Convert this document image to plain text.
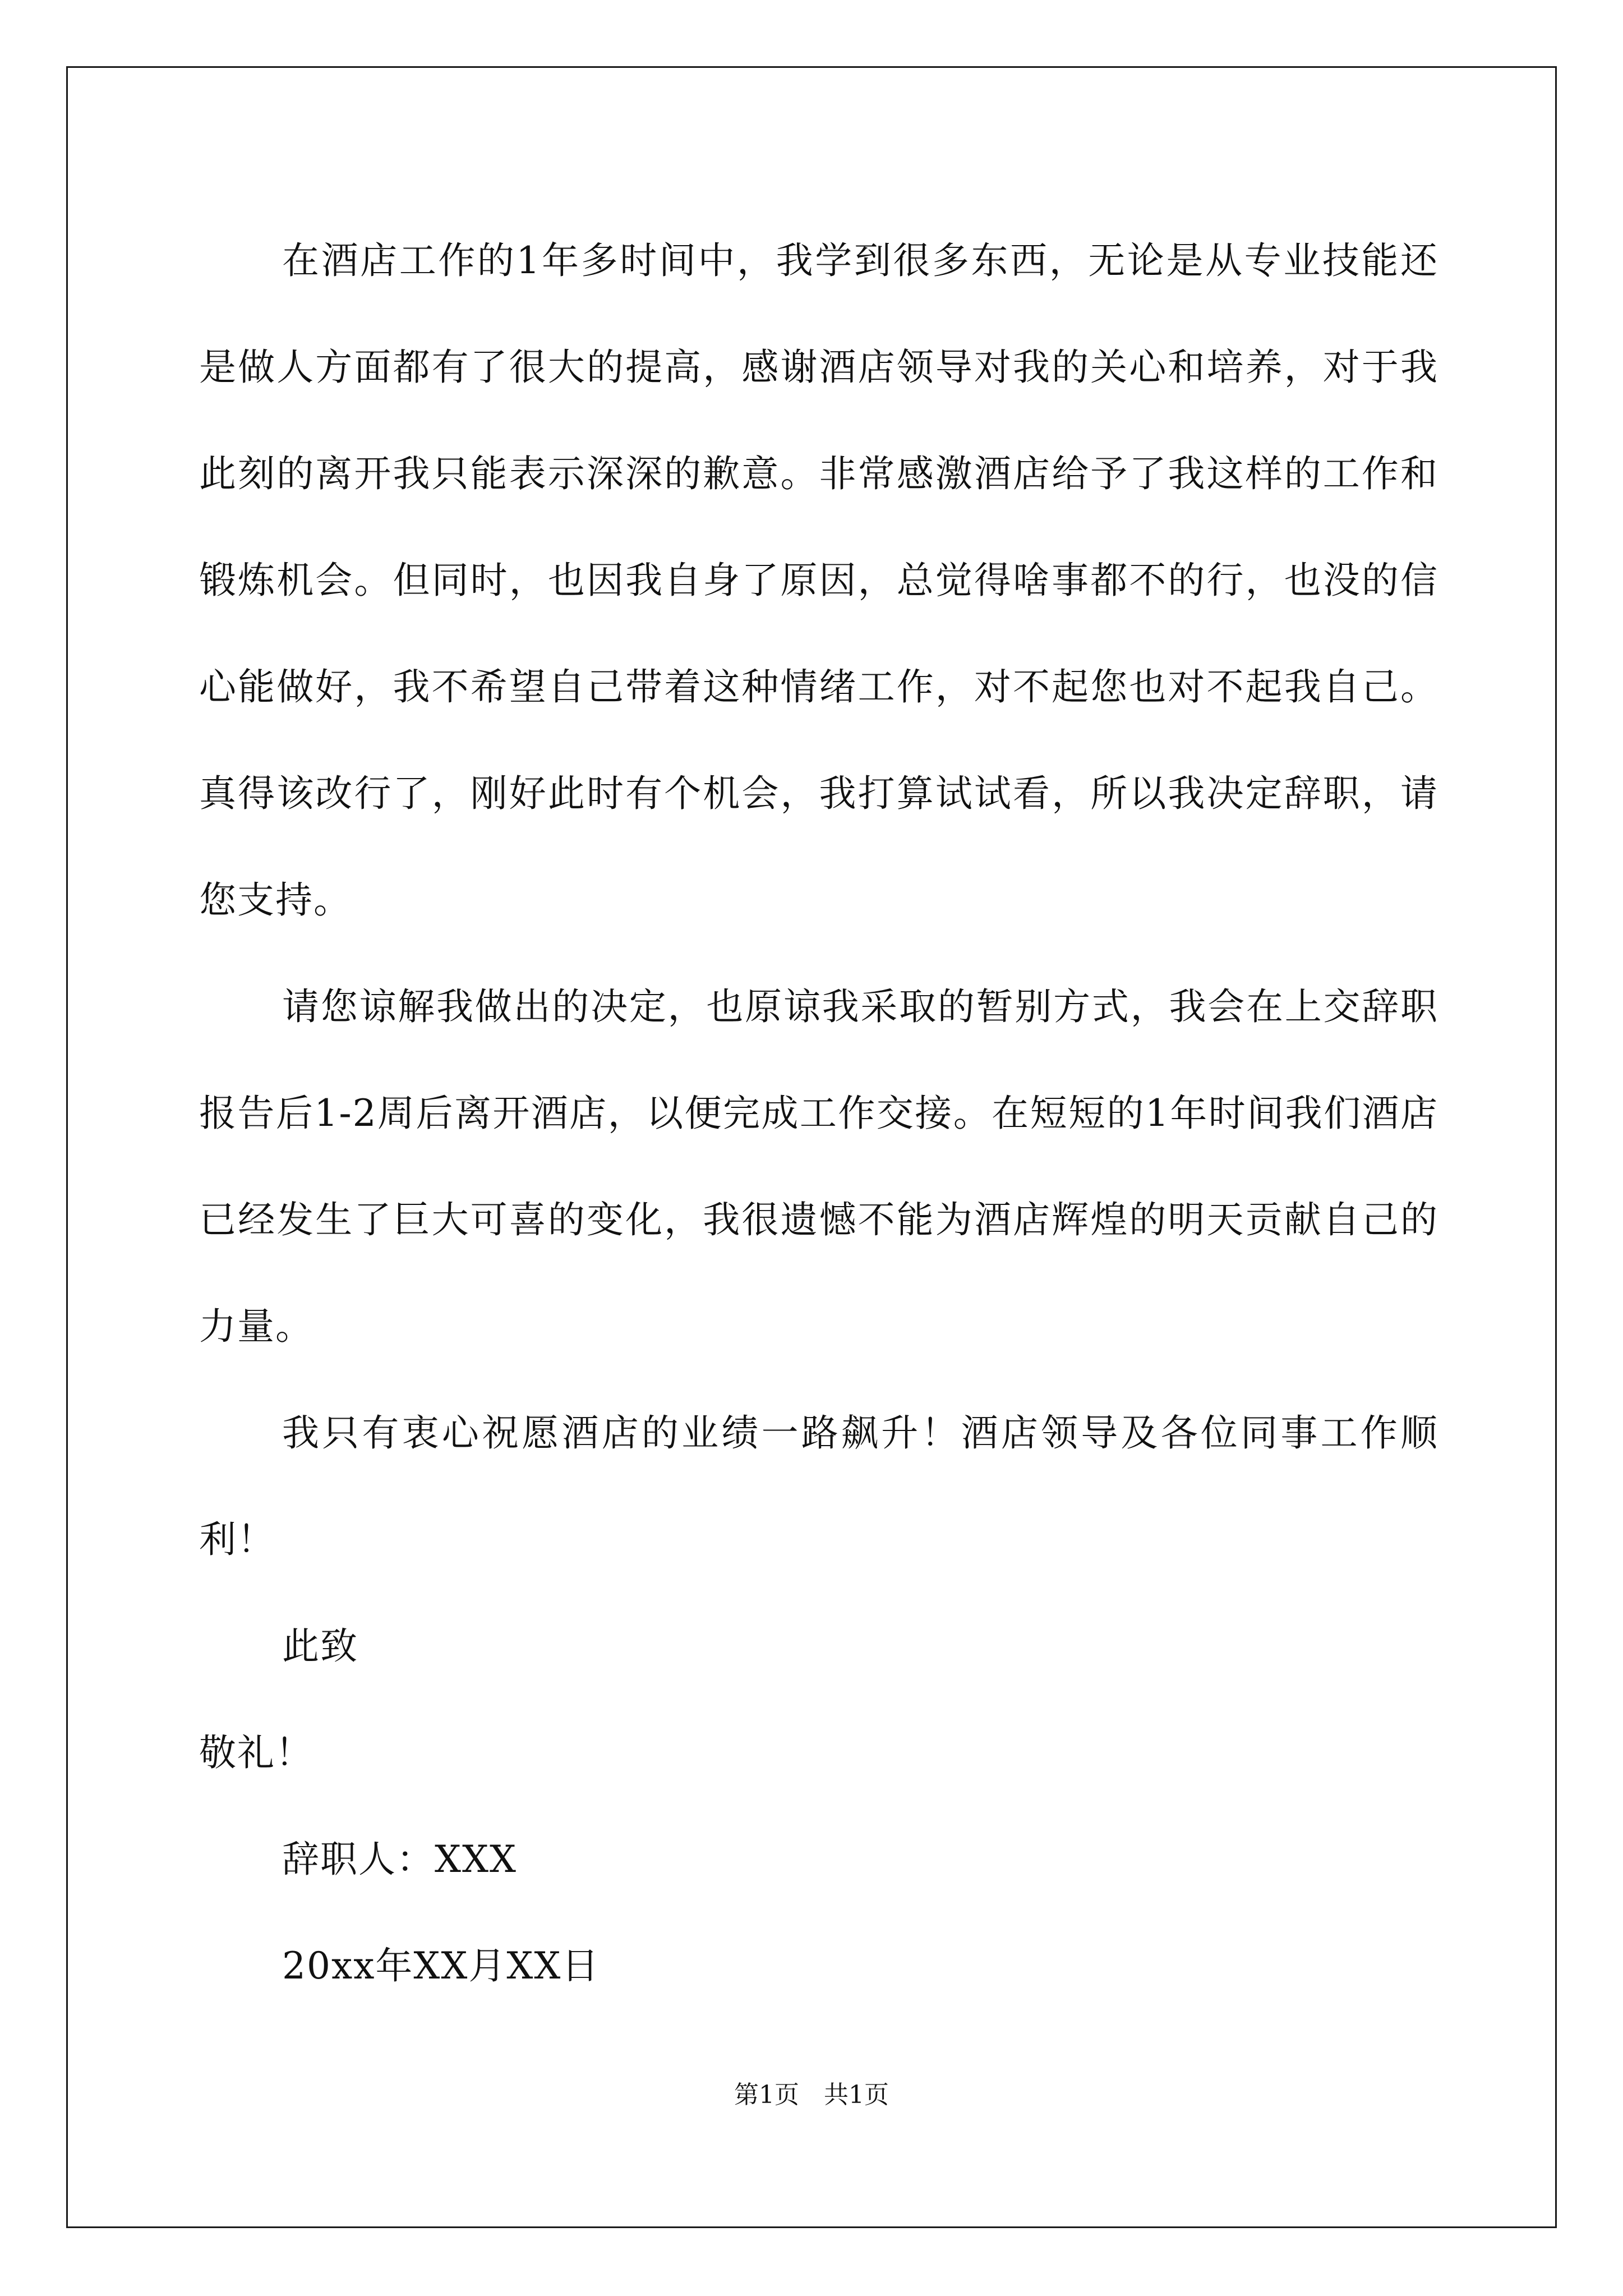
在酒店工作的1年多时间中，我学到很多东西，无论是从专业技能还是做人方面都有了很大的提高，感谢酒店领导对我的关心和培养，对于我此刻的离开我只能表示深深的歉意。非常感激酒店给予了我这样的工作和锻炼机会。但同时，也因我自身了原因，总觉得啥事都不的行，也没的信心能做好，我不希望自己带着这种情绪工作，对不起您也对不起我自己。真得该改行了，刚好此时有个机会，我打算试试看，所以我决定辞职，请您支持。

请您谅解我做出的决定，也原谅我采取的暂别方式，我会在上交辞职报告后1-2周后离开酒店，以便完成工作交接。在短短的1年时间我们酒店已经发生了巨大可喜的变化，我很遗憾不能为酒店辉煌的明天贡献自己的力量。

我只有衷心祝愿酒店的业绩一路飙升！酒店领导及各位同事工作顺利！

此致

敬礼！

辞职人：XXX

20xx年XX月XX日

第1页 共1页
